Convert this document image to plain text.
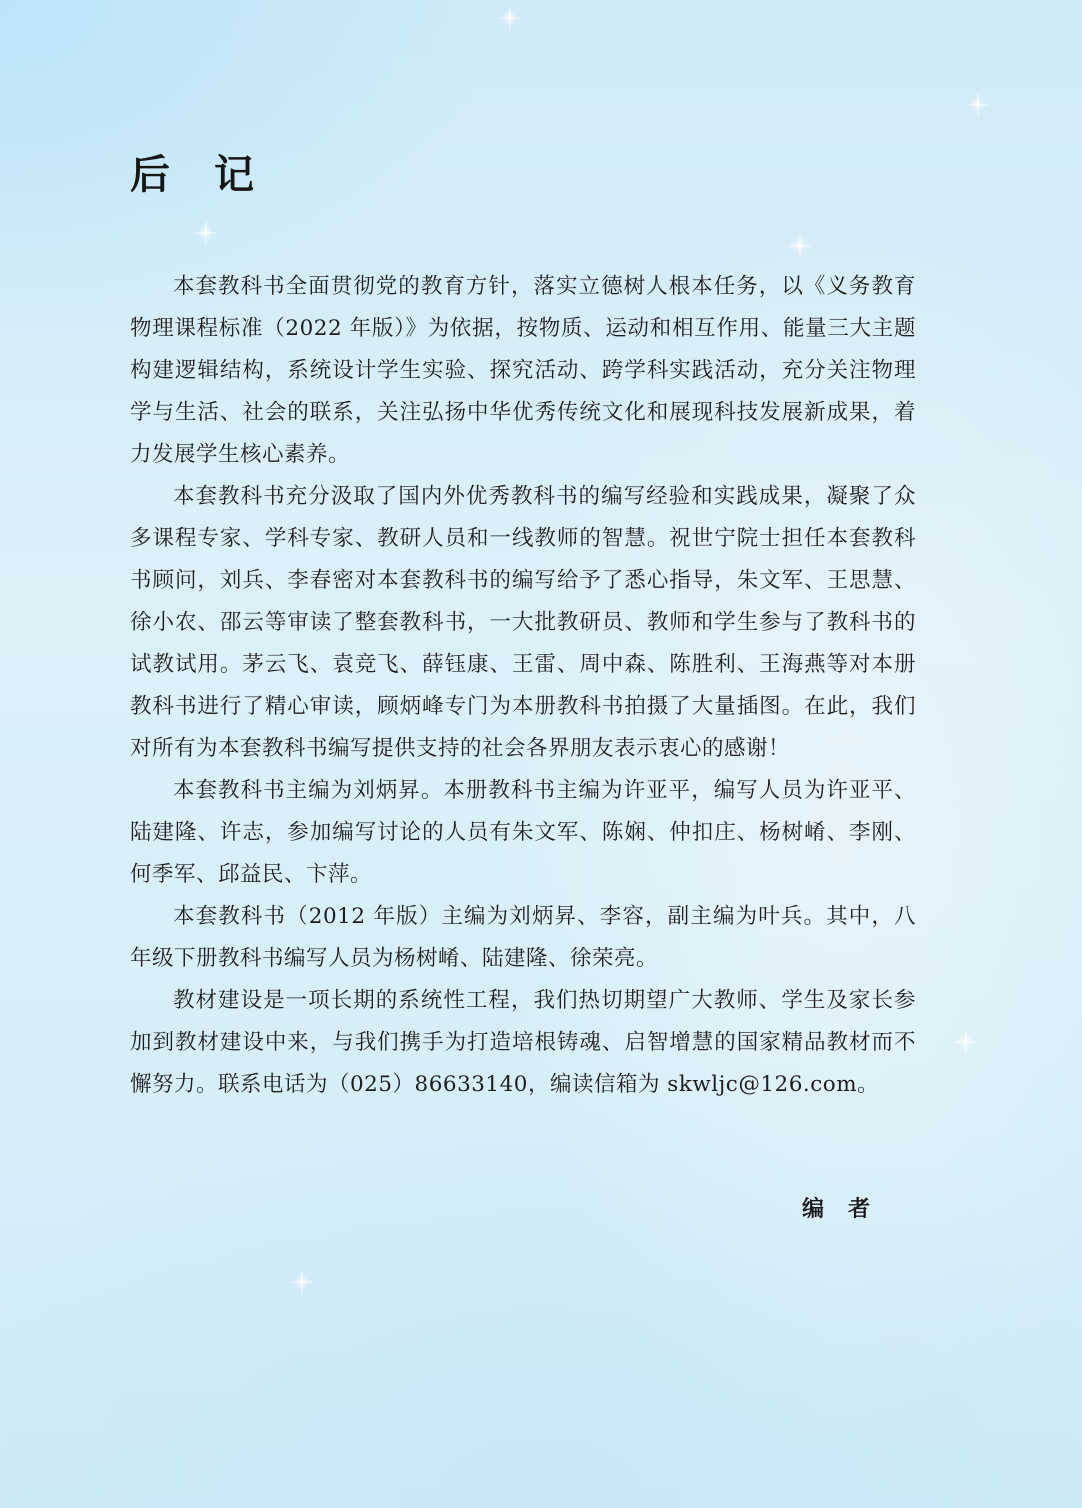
后记

本套教科书全面贯彻党的教育方针，落实立德树人根本任务，以《义务教育物理课程标准（2022 年版）》为依据，按物质、运动和相互作用、能量三大主题构建逻辑结构，系统设计学生实验、探究活动、跨学科实践活动，充分关注物理学与生活、社会的联系，关注弘扬中华优秀传统文化和展现科技发展新成果，着力发展学生核心素养。

本套教科书充分汲取了国内外优秀教科书的编写经验和实践成果，凝聚了众多课程专家、学科专家、教研人员和一线教师的智慧。祝世宁院士担任本套教科书顾问，刘兵、李春密对本套教科书的编写给予了悉心指导，朱文军、王思慧、徐小农、邵云等审读了整套教科书，一大批教研员、教师和学生参与了教科书的试教试用。茅云飞、袁竞飞、薛钰康、王雷、周中森、陈胜利、王海燕等对本册教科书进行了精心审读，顾炳峰专门为本册教科书拍摄了大量插图。在此，我们对所有为本套教科书编写提供支持的社会各界朋友表示衷心的感谢！

本套教科书主编为刘炳昇。本册教科书主编为许亚平，编写人员为许亚平、陆建隆、许志，参加编写讨论的人员有朱文军、陈娴、仲扣庄、杨树崤、李刚、何季军、邱益民、卞萍。

本套教科书（2012 年版）主编为刘炳昇、李容，副主编为叶兵。其中，八年级下册教科书编写人员为杨树崤、陆建隆、徐荣亮。

教材建设是一项长期的系统性工程，我们热切期望广大教师、学生及家长参加到教材建设中来，与我们携手为打造培根铸魂、启智增慧的国家精品教材而不懈努力。联系电话为（025）86633140，编读信箱为 skwljc@126.com。

编者
